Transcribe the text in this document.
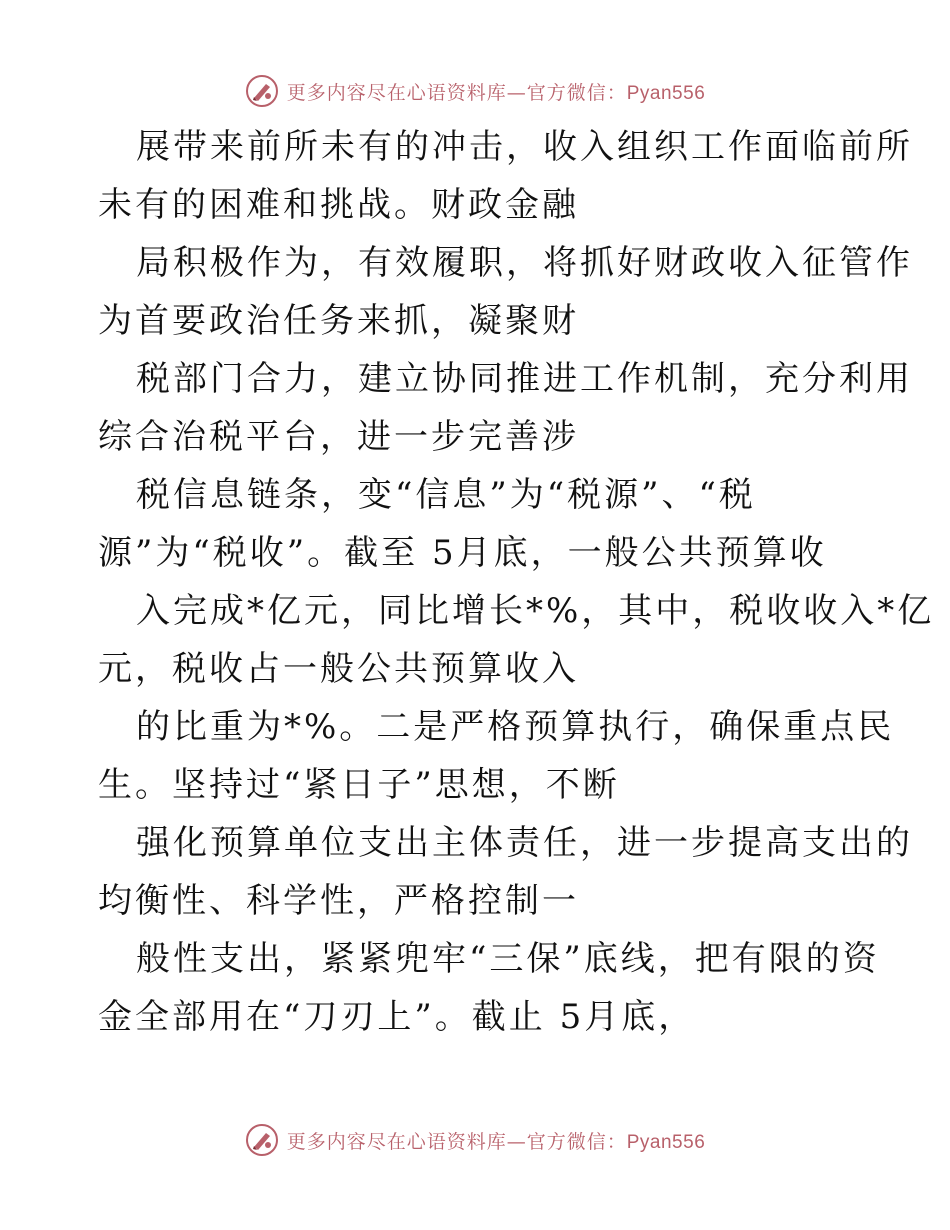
更多内容尽在心语资料库—官方微信：Pyan556

展带来前所未有的冲击，收入组织工作面临前所
未有的困难和挑战。财政金融

局积极作为，有效履职，将抓好财政收入征管作
为首要政治任务来抓，凝聚财

税部门合力，建立协同推进工作机制，充分利用
综合治税平台，进一步完善涉

税信息链条，变“信息”为“税源”、“税
源”为“税收”。截至 5月底，一般公共预算收

入完成*亿元，同比增长*%，其中，税收收入*亿
元，税收占一般公共预算收入

的比重为*%。二是严格预算执行，确保重点民
生。坚持过“紧日子”思想，不断

强化预算单位支出主体责任，进一步提高支出的
均衡性、科学性，严格控制一

般性支出，紧紧兜牢“三保”底线，把有限的资
金全部用在“刀刃上”。截止 5月底，

更多内容尽在心语资料库—官方微信：Pyan556
